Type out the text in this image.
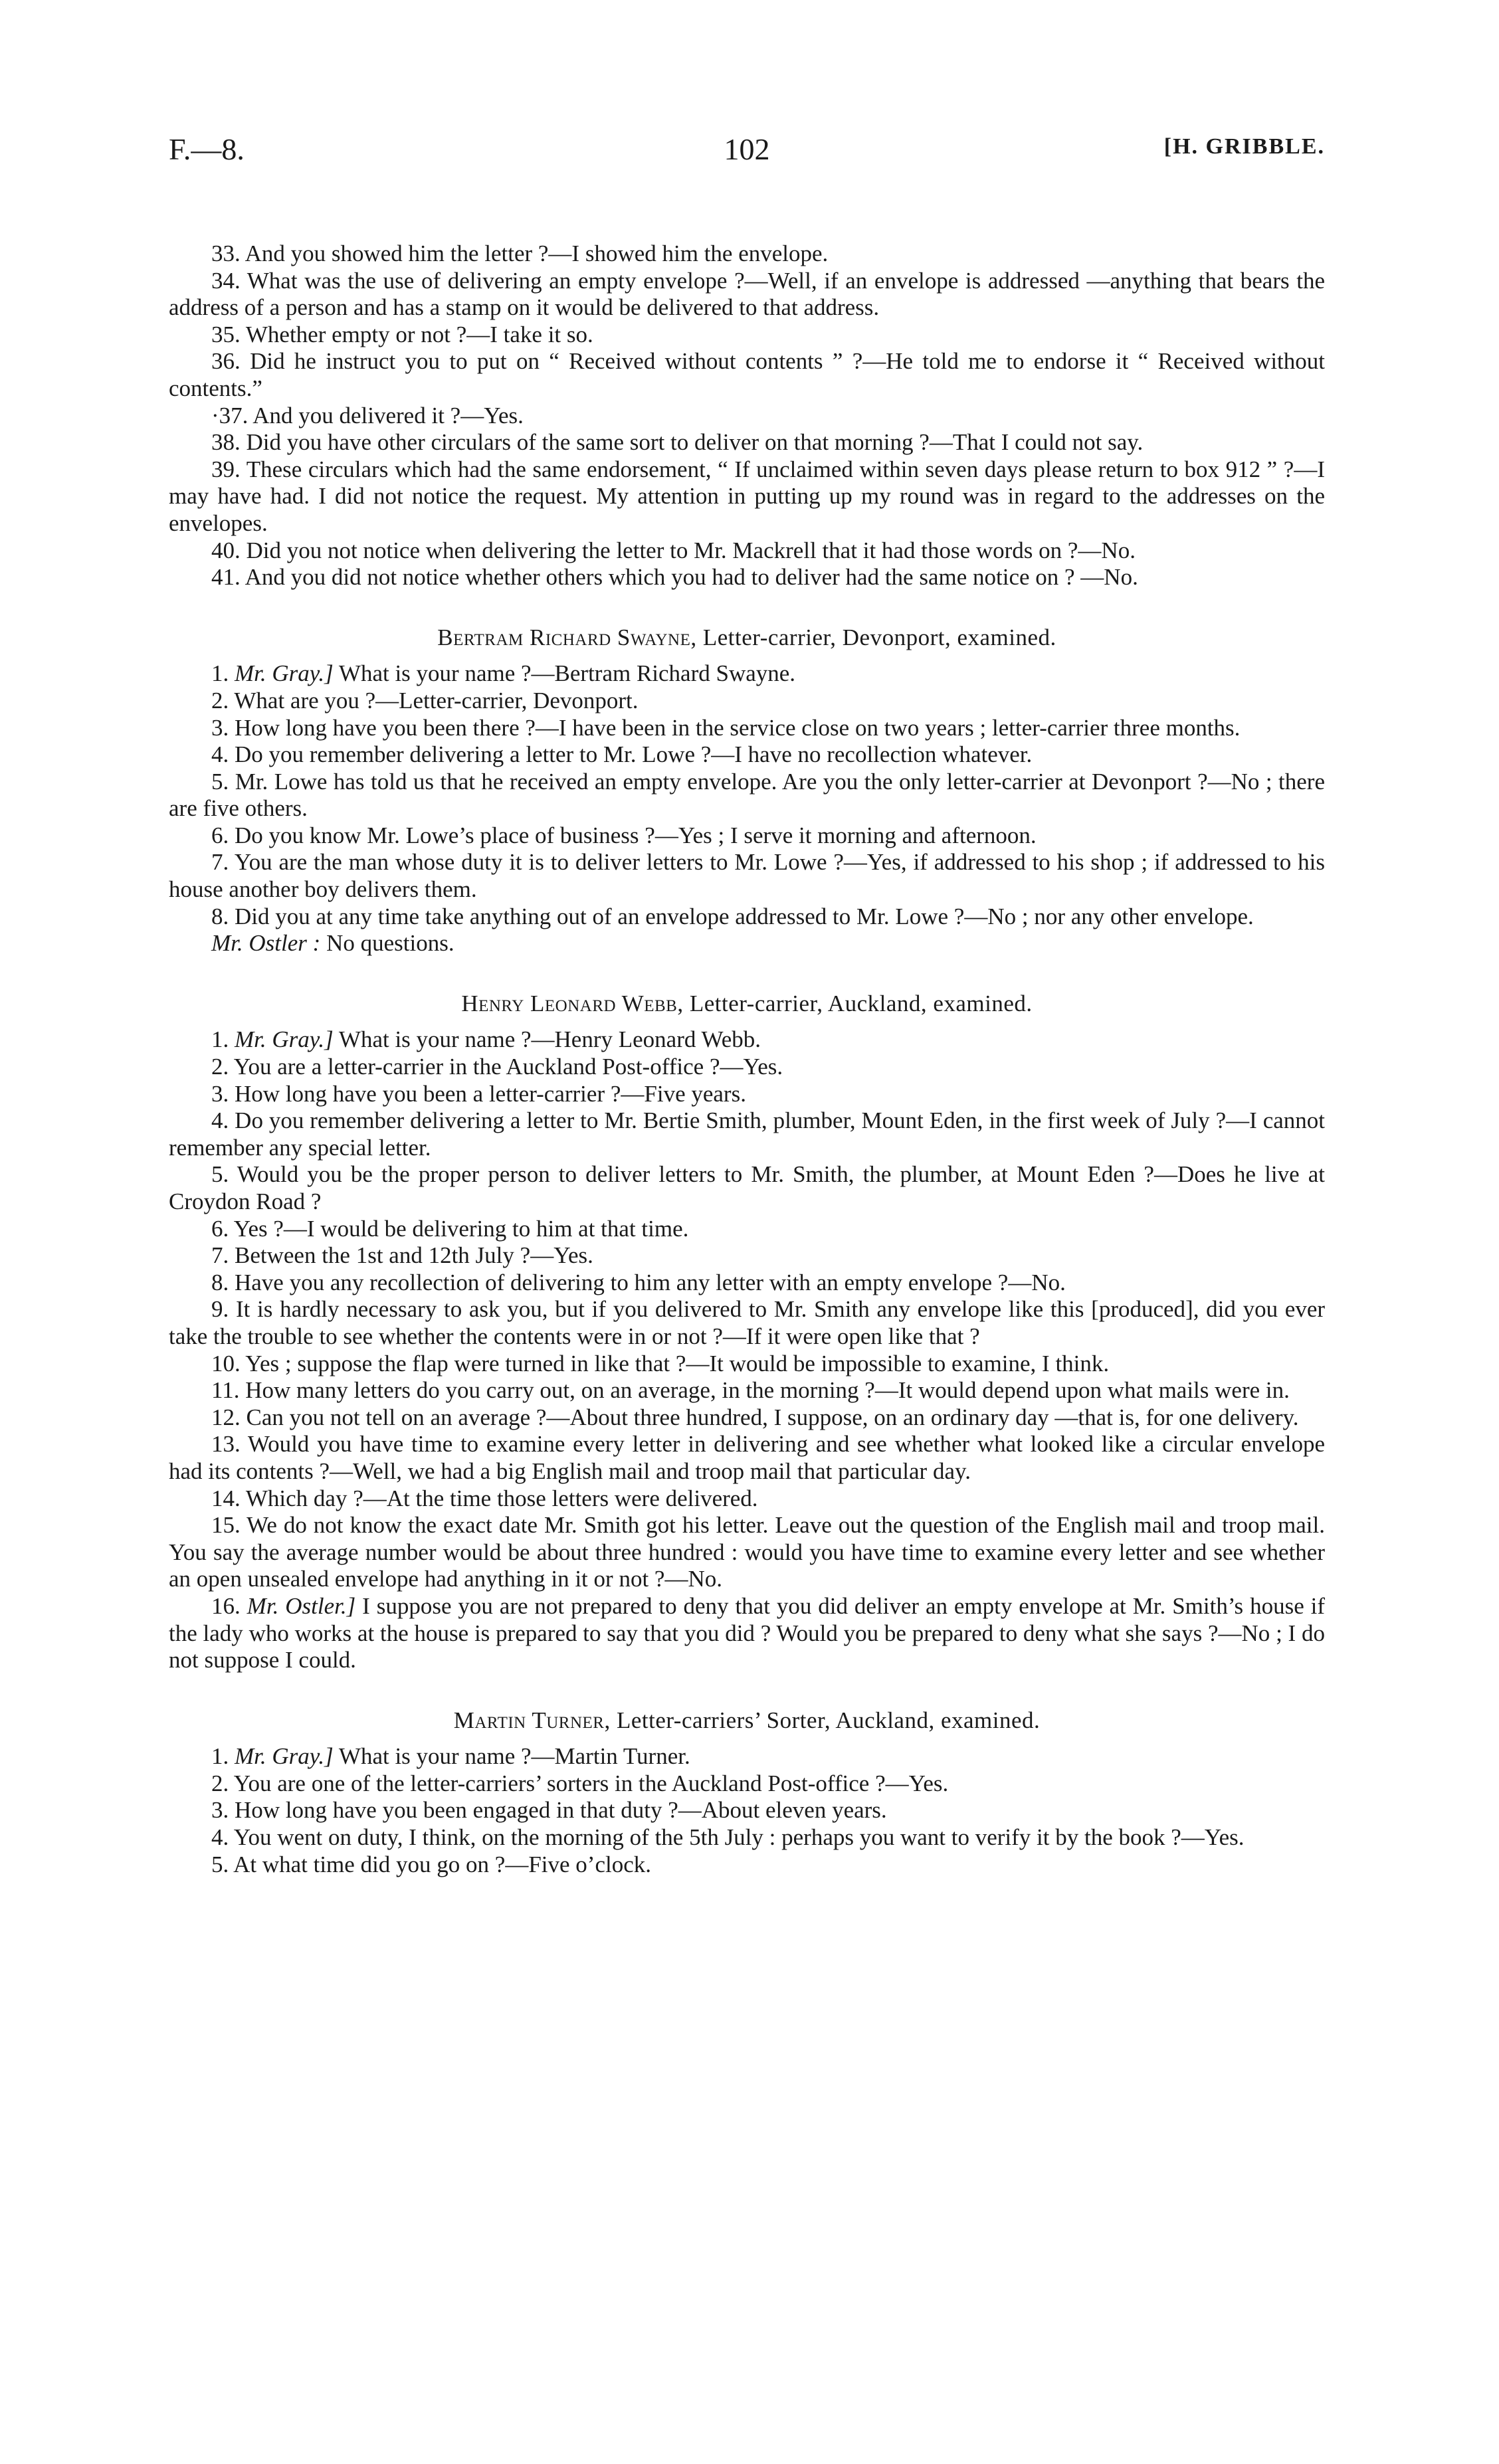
F.—8.	102	[H. GRIBBLE.

33. And you showed him the letter ?—I showed him the envelope.

34. What was the use of delivering an empty envelope ?—Well, if an envelope is addressed —anything that bears the address of a person and has a stamp on it would be delivered to that address.

35. Whether empty or not ?—I take it so.

36. Did he instruct you to put on “ Received without contents ” ?—He told me to endorse it “ Received without contents.”

·37. And you delivered it ?—Yes.

38. Did you have other circulars of the same sort to deliver on that morning ?—That I could not say.

39. These circulars which had the same endorsement, “ If unclaimed within seven days please return to box 912 ” ?—I may have had. I did not notice the request. My attention in putting up my round was in regard to the addresses on the envelopes.

40. Did you not notice when delivering the letter to Mr. Mackrell that it had those words on ?—No.

41. And you did not notice whether others which you had to deliver had the same notice on ? —No.

Bertram Richard Swayne, Letter-carrier, Devonport, examined.

1. Mr. Gray.] What is your name ?—Bertram Richard Swayne.

2. What are you ?—Letter-carrier, Devonport.

3. How long have you been there ?—I have been in the service close on two years ; letter-carrier three months.

4. Do you remember delivering a letter to Mr. Lowe ?—I have no recollection whatever.

5. Mr. Lowe has told us that he received an empty envelope. Are you the only letter-carrier at Devonport ?—No ; there are five others.

6. Do you know Mr. Lowe’s place of business ?—Yes ; I serve it morning and afternoon.

7. You are the man whose duty it is to deliver letters to Mr. Lowe ?—Yes, if addressed to his shop ; if addressed to his house another boy delivers them.

8. Did you at any time take anything out of an envelope addressed to Mr. Lowe ?—No ; nor any other envelope.

Mr. Ostler : No questions.

Henry Leonard Webb, Letter-carrier, Auckland, examined.

1. Mr. Gray.] What is your name ?—Henry Leonard Webb.

2. You are a letter-carrier in the Auckland Post-office ?—Yes.

3. How long have you been a letter-carrier ?—Five years.

4. Do you remember delivering a letter to Mr. Bertie Smith, plumber, Mount Eden, in the first week of July ?—I cannot remember any special letter.

5. Would you be the proper person to deliver letters to Mr. Smith, the plumber, at Mount Eden ?—Does he live at Croydon Road ?

6. Yes ?—I would be delivering to him at that time.

7. Between the 1st and 12th July ?—Yes.

8. Have you any recollection of delivering to him any letter with an empty envelope ?—No.

9. It is hardly necessary to ask you, but if you delivered to Mr. Smith any envelope like this [produced], did you ever take the trouble to see whether the contents were in or not ?—If it were open like that ?

10. Yes ; suppose the flap were turned in like that ?—It would be impossible to examine, I think.

11. How many letters do you carry out, on an average, in the morning ?—It would depend upon what mails were in.

12. Can you not tell on an average ?—About three hundred, I suppose, on an ordinary day —that is, for one delivery.

13. Would you have time to examine every letter in delivering and see whether what looked like a circular envelope had its contents ?—Well, we had a big English mail and troop mail that particular day.

14. Which day ?—At the time those letters were delivered.

15. We do not know the exact date Mr. Smith got his letter. Leave out the question of the English mail and troop mail. You say the average number would be about three hundred : would you have time to examine every letter and see whether an open unsealed envelope had anything in it or not ?—No.

16. Mr. Ostler.] I suppose you are not prepared to deny that you did deliver an empty envelope at Mr. Smith’s house if the lady who works at the house is prepared to say that you did ? Would you be prepared to deny what she says ?—No ; I do not suppose I could.

Martin Turner, Letter-carriers’ Sorter, Auckland, examined.

1. Mr. Gray.] What is your name ?—Martin Turner.

2. You are one of the letter-carriers’ sorters in the Auckland Post-office ?—Yes.

3. How long have you been engaged in that duty ?—About eleven years.

4. You went on duty, I think, on the morning of the 5th July : perhaps you want to verify it by the book ?—Yes.

5. At what time did you go on ?—Five o’clock.
